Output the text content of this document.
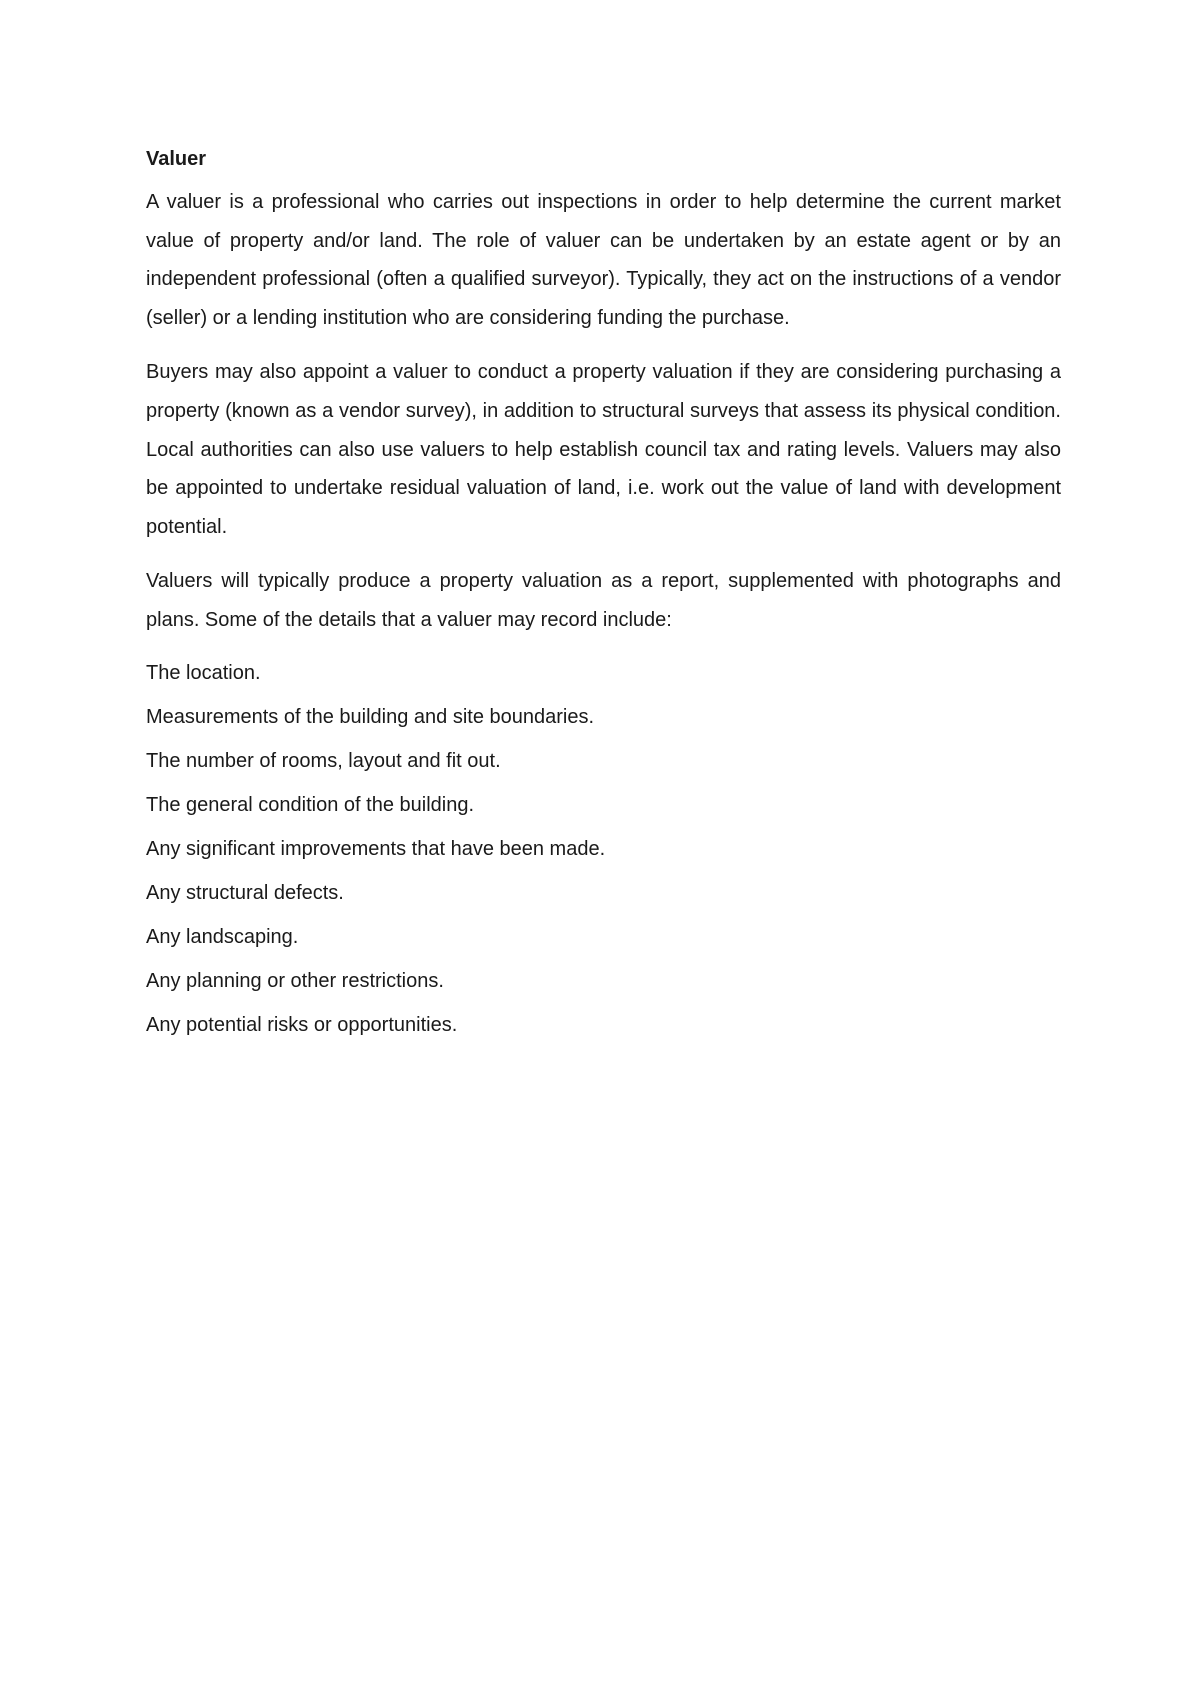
Valuer

A valuer is a professional who carries out inspections in order to help determine the current market value of property and/or land. The role of valuer can be undertaken by an estate agent or by an independent professional (often a qualified surveyor). Typically, they act on the instructions of a vendor (seller) or a lending institution who are considering funding the purchase.

Buyers may also appoint a valuer to conduct a property valuation if they are considering purchasing a property (known as a vendor survey), in addition to structural surveys that assess its physical condition. Local authorities can also use valuers to help establish council tax and rating levels. Valuers may also be appointed to undertake residual valuation of land, i.e. work out the value of land with development potential.

Valuers will typically produce a property valuation as a report, supplemented with photographs and plans. Some of the details that a valuer may record include:

The location.
Measurements of the building and site boundaries.
The number of rooms, layout and fit out.
The general condition of the building.
Any significant improvements that have been made.
Any structural defects.
Any landscaping.
Any planning or other restrictions.
Any potential risks or opportunities.
